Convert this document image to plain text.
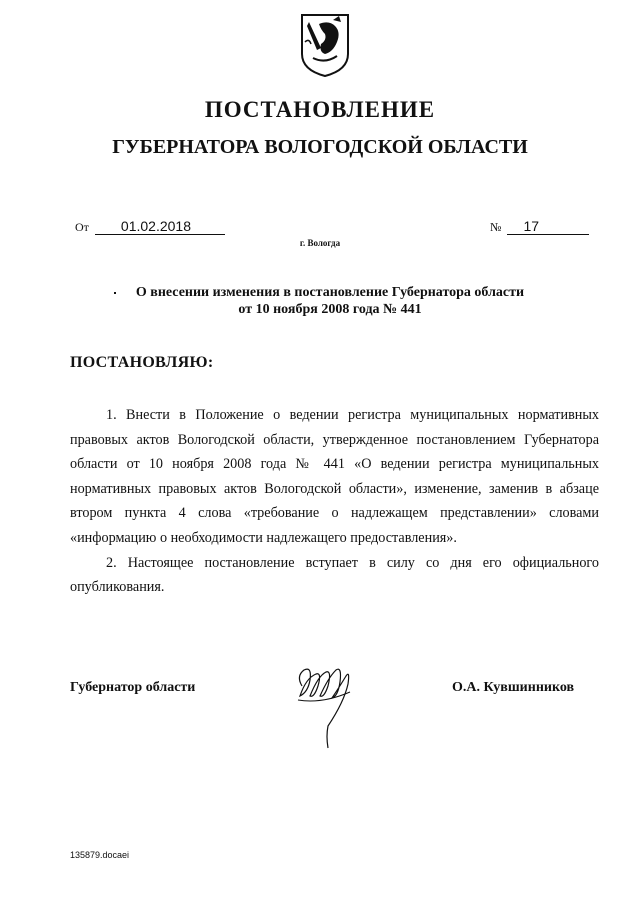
ПОСТАНОВЛЕНИЕ
ГУБЕРНАТОРА ВОЛОГОДСКОЙ ОБЛАСТИ
От	01.02.2018	№	17
г. Вологда
О внесении изменения в постановление Губернатора области
от 10 ноября 2008 года № 441
ПОСТАНОВЛЯЮ:

1. Внести в Положение о ведении регистра муниципальных нормативных правовых актов Вологодской области, утвержденное постановлением Губернатора области от 10 ноября 2008 года № 441 «О ведении регистра муниципальных нормативных правовых актов Вологодской области», изменение, заменив в абзаце втором пункта 4 слова «требование о надлежащем представлении» словами «информацию о необходимости надлежащего предоставления».

2. Настоящее постановление вступает в силу со дня его официального опубликования.

Губернатор области	О.А. Кувшинников
135879.docaei
